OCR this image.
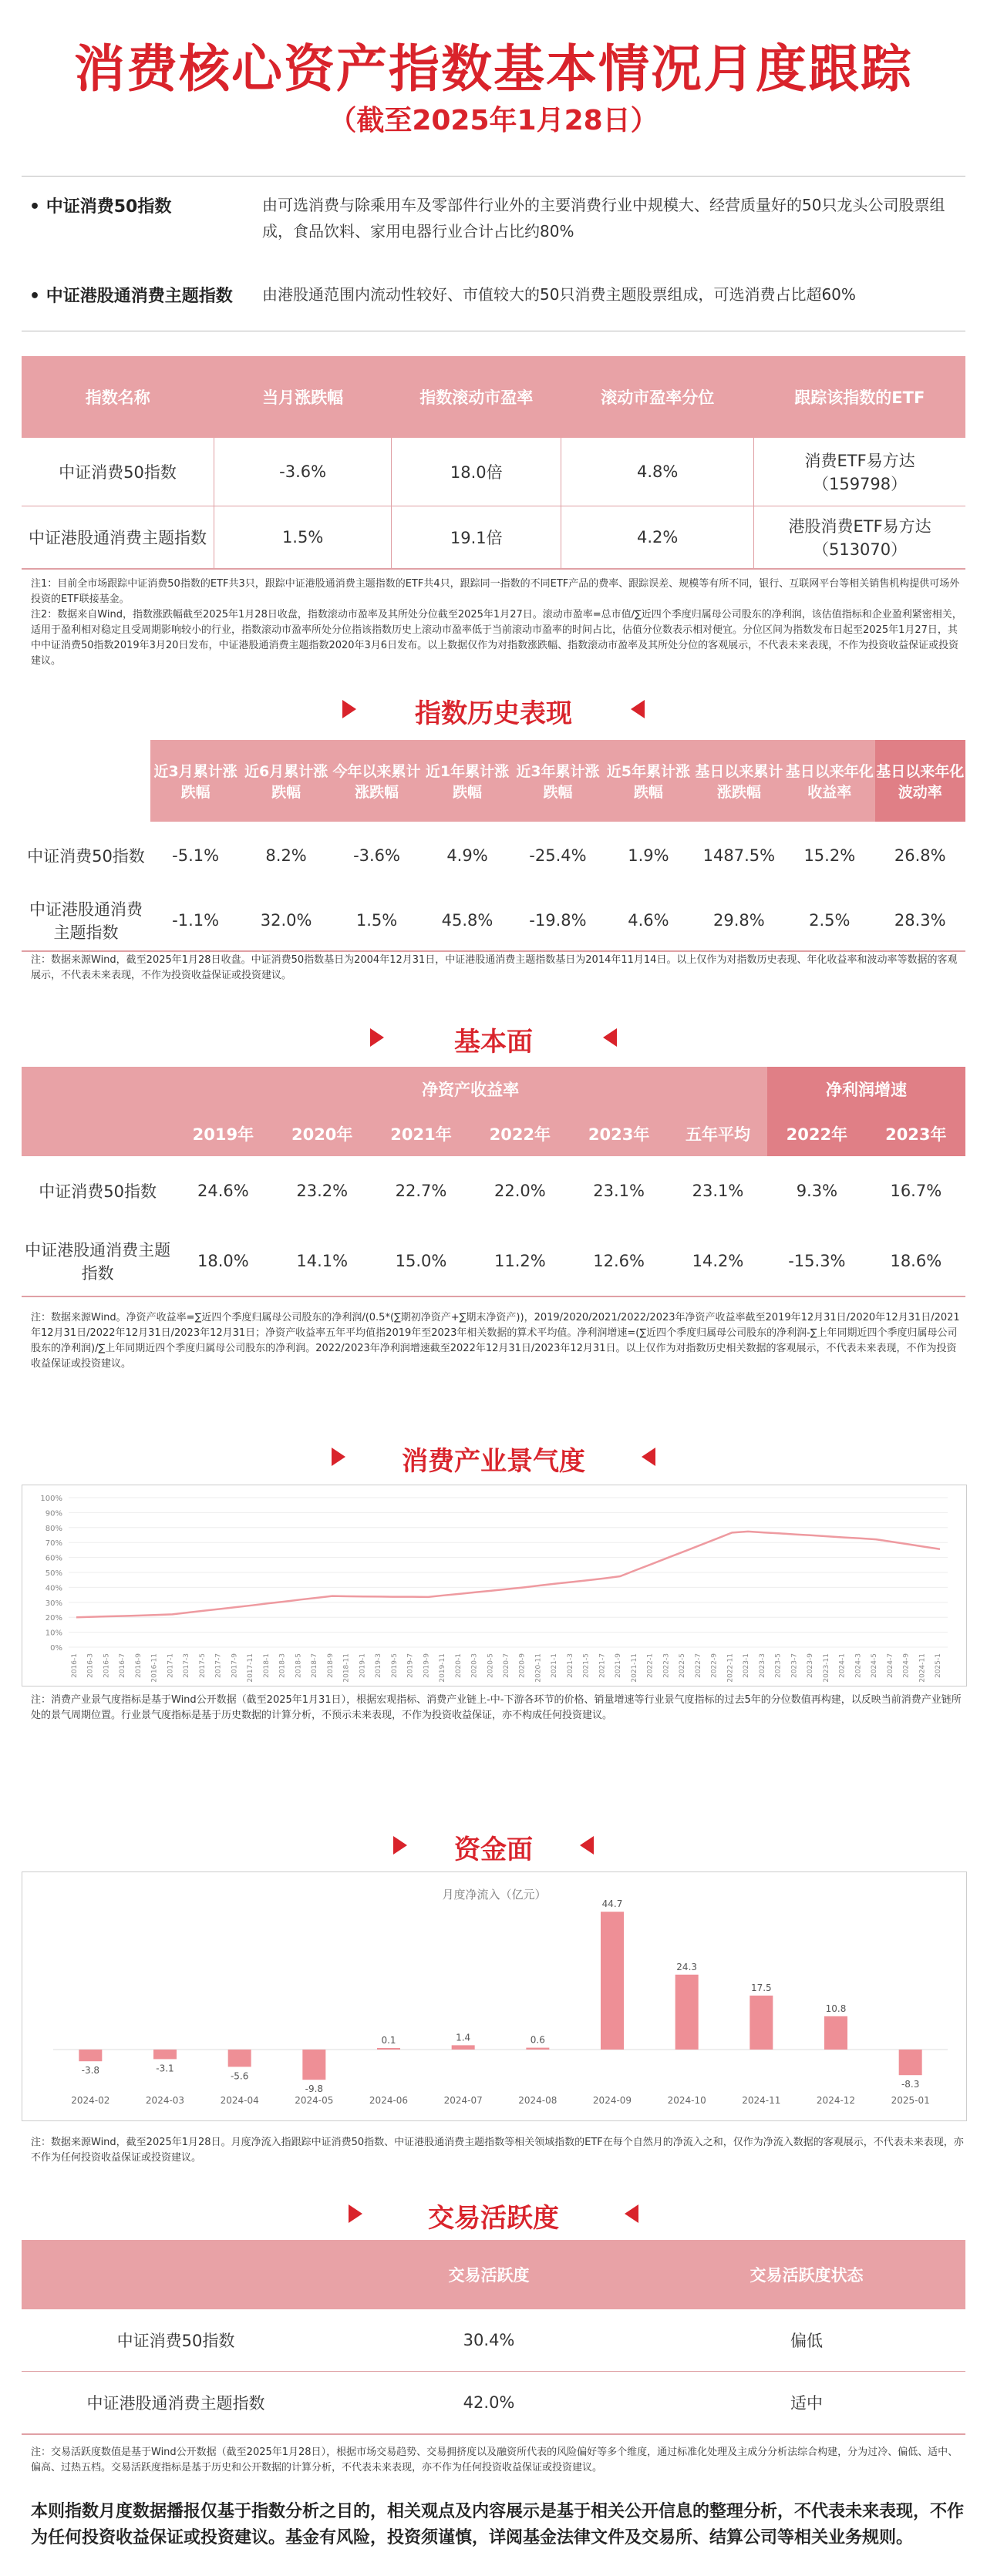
消费核心资产指数基本情况月度跟踪
（截至2025年1月28日）
• 中证消费50指数	由可选消费与除乘用车及零部件行业外的主要消费行业中规模大、经营质量好的50只龙头公司股票组成，食品饮料、家用电器行业合计占比约80%
• 中证港股通消费主题指数 由港股通范围内流动性较好、市值较大的50只消费主题股票组成，可选消费占比超60%
指数名称	当月涨跌幅	指数滚动市盈率	滚动市盈率分位	跟踪该指数的ETF
中证消费50指数	-3.6%	18.0倍	4.8%	消费ETF易方达
（159798）

中证港股通消费主题指数	1.5%	19.1倍	4.2%	港股消费ETF易方达
（513070）
注1：目前全市场跟踪中证消费50指数的ETF共3只，跟踪中证港股通消费主题指数的ETF共4只，跟踪同一指数的不同ETF产品的费率、跟踪误差、规模等有所不同，银行、互联网平台等相关销售机构提供可场外投资的ETF联接基金。
注2：数据来自Wind，指数涨跌幅截至2025年1月28日收盘，指数滚动市盈率及其所处分位截至2025年1月27日。滚动市盈率=总市值/∑近四个季度归属母公司股东的净利润，该估值指标和企业盈利紧密相关，适用于盈利相对稳定且受周期影响较小的行业，指数滚动市盈率所处分位指该指数历史上滚动市盈率低于当前滚动市盈率的时间占比，估值分位数表示相对便宜。分位区间为指数发布日起至2025年1月27日，其中中证消费50指数2019年3月20日发布，中证港股通消费主题指数2020年3月6日发布。以上数据仅作为对指数涨跌幅、指数滚动市盈率及其所处分位的客观展示，不代表未来表现，不作为投资收益保证或投资建议。
指数历史表现
	近3月累计涨跌幅	近6月累计涨跌幅	今年以来累计涨跌幅	近1年累计涨跌幅	近3年累计涨跌幅	近5年累计涨跌幅	基日以来累计涨跌幅	基日以来年化收益率	基日以来年化波动率
中证消费50指数	-5.1%	8.2%	-3.6%	4.9%	-25.4%	1.9%	1487.5%	15.2%	26.8%
中证港股通消费主题指数	-1.1%	32.0%	1.5%	45.8%	-19.8%	4.6%	29.8%	2.5%	28.3%
注：数据来源Wind，截至2025年1月28日收盘。中证消费50指数基日为2004年12月31日，中证港股通消费主题指数基日为2014年11月14日。以上仅作为对指数历史表现、年化收益率和波动率等数据的客观展示，不代表未来表现，不作为投资收益保证或投资建议。
基本面
	净资产收益率						净利润增速	
	2019年	2020年	2021年	2022年	2023年	五年平均	2022年	2023年
中证消费50指数	24.6%	23.2%	22.7%	22.0%	23.1%	23.1%	9.3%	16.7%
中证港股通消费主题指数	18.0%	14.1%	15.0%	11.2%	12.6%	14.2%	-15.3%	18.6%
注：数据来源Wind。净资产收益率=∑近四个季度归属母公司股东的净利润/(0.5*(∑期初净资产+∑期末净资产))，2019/2020/2021/2022/2023年净资产收益率截至2019年12月31日/2020年12月31日/2021年12月31日/2022年12月31日/2023年12月31日；净资产收益率五年平均值指2019年至2023年相关数据的算术平均值。净利润增速=(∑近四个季度归属母公司股东的净利润-∑上年同期近四个季度归属母公司股东的净利润)/∑上年同期近四个季度归属母公司股东的净利润。2022/2023年净利润增速截至2022年12月31日/2023年12月31日。以上仅作为对指数历史相关数据的客观展示，不代表未来表现，不作为投资收益保证或投资建议。
消费产业景气度
100%
90%
80%
70%
60%
50%
40%
30%
20%
10%
0%
2016-1 2016-3 2016-5 2016-7 2016-9 2016-11 2017-1 2017-3 2017-5 2017-7 2017-9 2017-11 2018-1 2018-3 2018-5 2018-7 2018-9 2018-11 2019-1 2019-3 2019-5 2019-7 2019-9 2019-11 2020-1 2020-3 2020-5 2020-7 2020-9 2020-11 2021-1 2021-3 2021-5 2021-7 2021-9 2021-11 2022-1 2022-3 2022-5 2022-7 2022-9 2022-11 2023-1 2023-3 2023-5 2023-7 2023-9 2023-11 2024-1 2024-3 2024-5 2024-7 2024-9 2024-11 2025-1
注：消费产业景气度指标是基于Wind公开数据（截至2025年1月31日），根据宏观指标、消费产业链上-中-下游各环节的价格、销量增速等行业景气度指标的过去5年的分位数值再构建，以反映当前消费产业链所处的景气周期位置。行业景气度指标是基于历史数据的计算分析，不预示未来表现，不作为投资收益保证，亦不构成任何投资建议。
资金面
月度净流入（亿元）
-3.8
2024-02
-3.1
2024-03
-5.6
2024-04
-9.8
2024-05
0.1
2024-06
1.4
2024-07
0.6
2024-08
44.7
2024-09
24.3
2024-10
17.5
2024-11
10.8
2024-12
-8.3
2025-01
注：数据来源Wind，截至2025年1月28日。月度净流入指跟踪中证消费50指数、中证港股通消费主题指数等相关领域指数的ETF在每个自然月的净流入之和，仅作为净流入数据的客观展示，不代表未来表现，亦不作为任何投资收益保证或投资建议。
交易活跃度
	交易活跃度	交易活跃度状态
中证消费50指数	30.4%	偏低
中证港股通消费主题指数	42.0%	适中
注：交易活跃度数值是基于Wind公开数据（截至2025年1月28日），根据市场交易趋势、交易拥挤度以及融资所代表的风险偏好等多个维度，通过标准化处理及主成分分析法综合构建，分为过冷、偏低、适中、偏高、过热五档。交易活跃度指标是基于历史和公开数据的计算分析，不代表未来表现，亦不作为任何投资收益保证或投资建议。
本则指数月度数据播报仅基于指数分析之目的，相关观点及内容展示是基于相关公开信息的整理分析，不代表未来表现，不作为任何投资收益保证或投资建议。基金有风险，投资须谨慎，详阅基金法律文件及交易所、结算公司等相关业务规则。
